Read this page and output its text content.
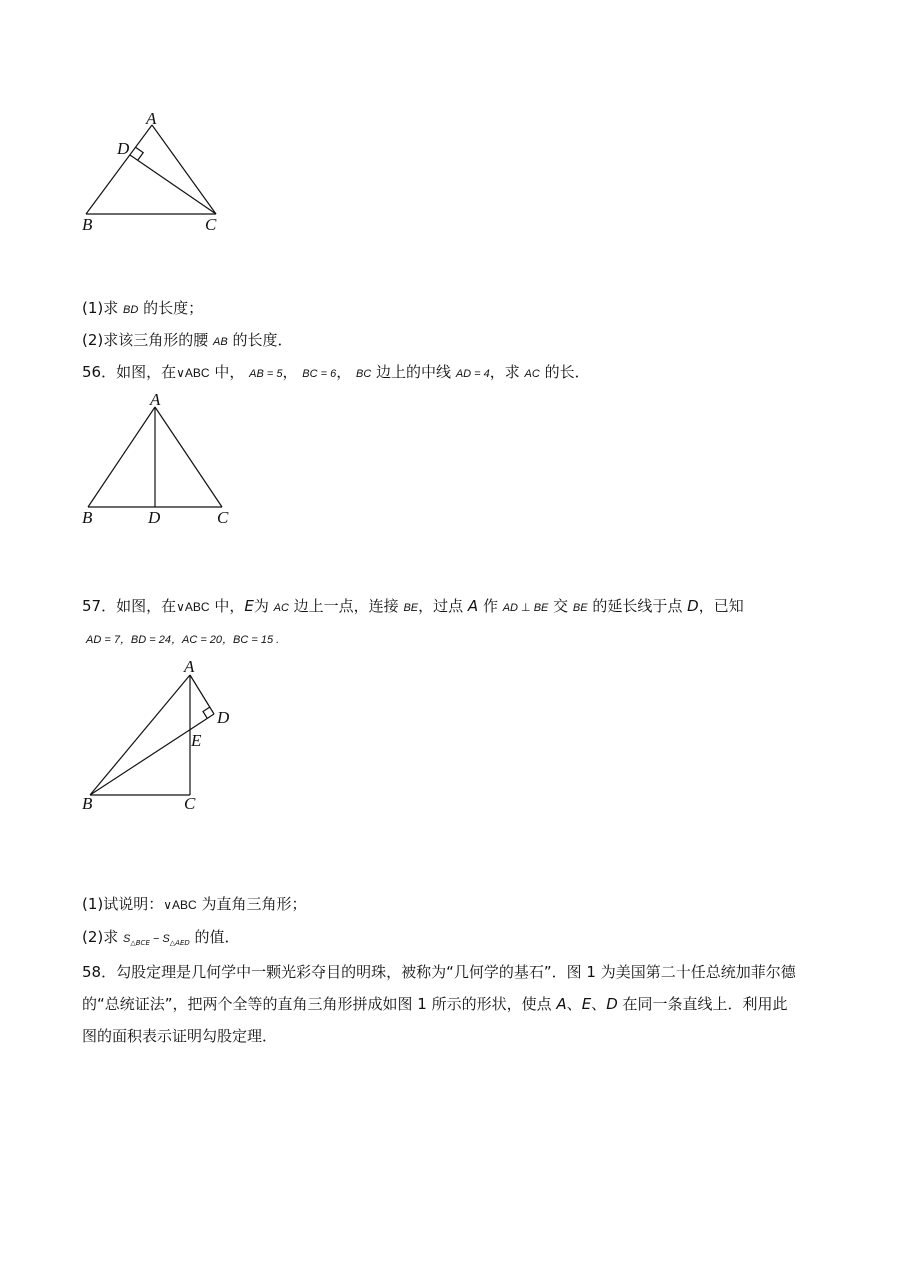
A
D
B	C
(1)求 BD 的长度；
(2)求该三角形的腰 AB 的长度．
56．如图，在∨ABC 中， AB = 5， BC = 6， BC 边上的中线 AD = 4，求 AC 的长．
A
B	D	C
57．如图，在∨ABC 中，E为 AC 边上一点，连接 BE，过点 A 作 AD ⊥ BE 交 BE 的延长线于点 D，已知
AD = 7，BD = 24，AC = 20，BC = 15 .
A
D
E
B	C
(1)试说明：∨ABC 为直角三角形；
(2)求 $S_{\triangle BCE} - S_{\triangle AED}$ 的值．
58．勾股定理是几何学中一颗光彩夺目的明珠，被称为“几何学的基石”．图 1 为美国第二十任总统加菲尔德
的“总统证法”，把两个全等的直角三角形拼成如图 1 所示的形状，使点 A、E、D 在同一条直线上．利用此
图的面积表示证明勾股定理．
